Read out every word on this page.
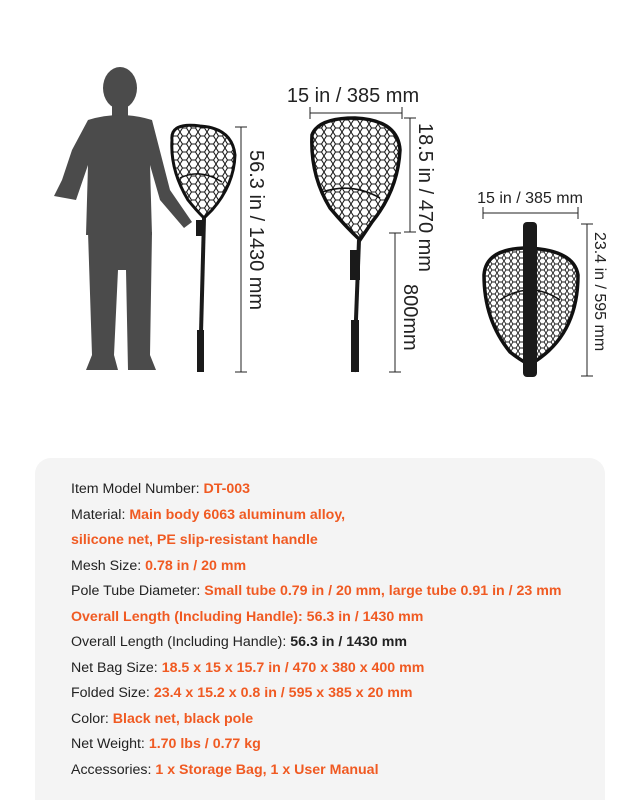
56.3 in / 1430 mm
15 in / 385 mm
18.5 in / 470 mm
800mm
15 in / 385 mm
23.4 in / 595 mm
Item Model Number: DT-003
Material: Main body 6063 aluminum alloy,
silicone net, PE slip-resistant handle
Mesh Size: 0.78 in / 20 mm
Pole Tube Diameter: Small tube 0.79 in / 20 mm, large tube 0.91 in / 23 mm
Overall Length (Including Handle): 56.3 in / 1430 mm
Overall Length (Including Handle): 56.3 in / 1430 mm
Net Bag Size: 18.5 x 15 x 15.7 in / 470 x 380 x 400 mm
Folded Size: 23.4 x 15.2 x 0.8 in / 595 x 385 x 20 mm
Color: Black net, black pole
Net Weight: 1.70 lbs / 0.77 kg
Accessories: 1 x Storage Bag, 1 x User Manual
